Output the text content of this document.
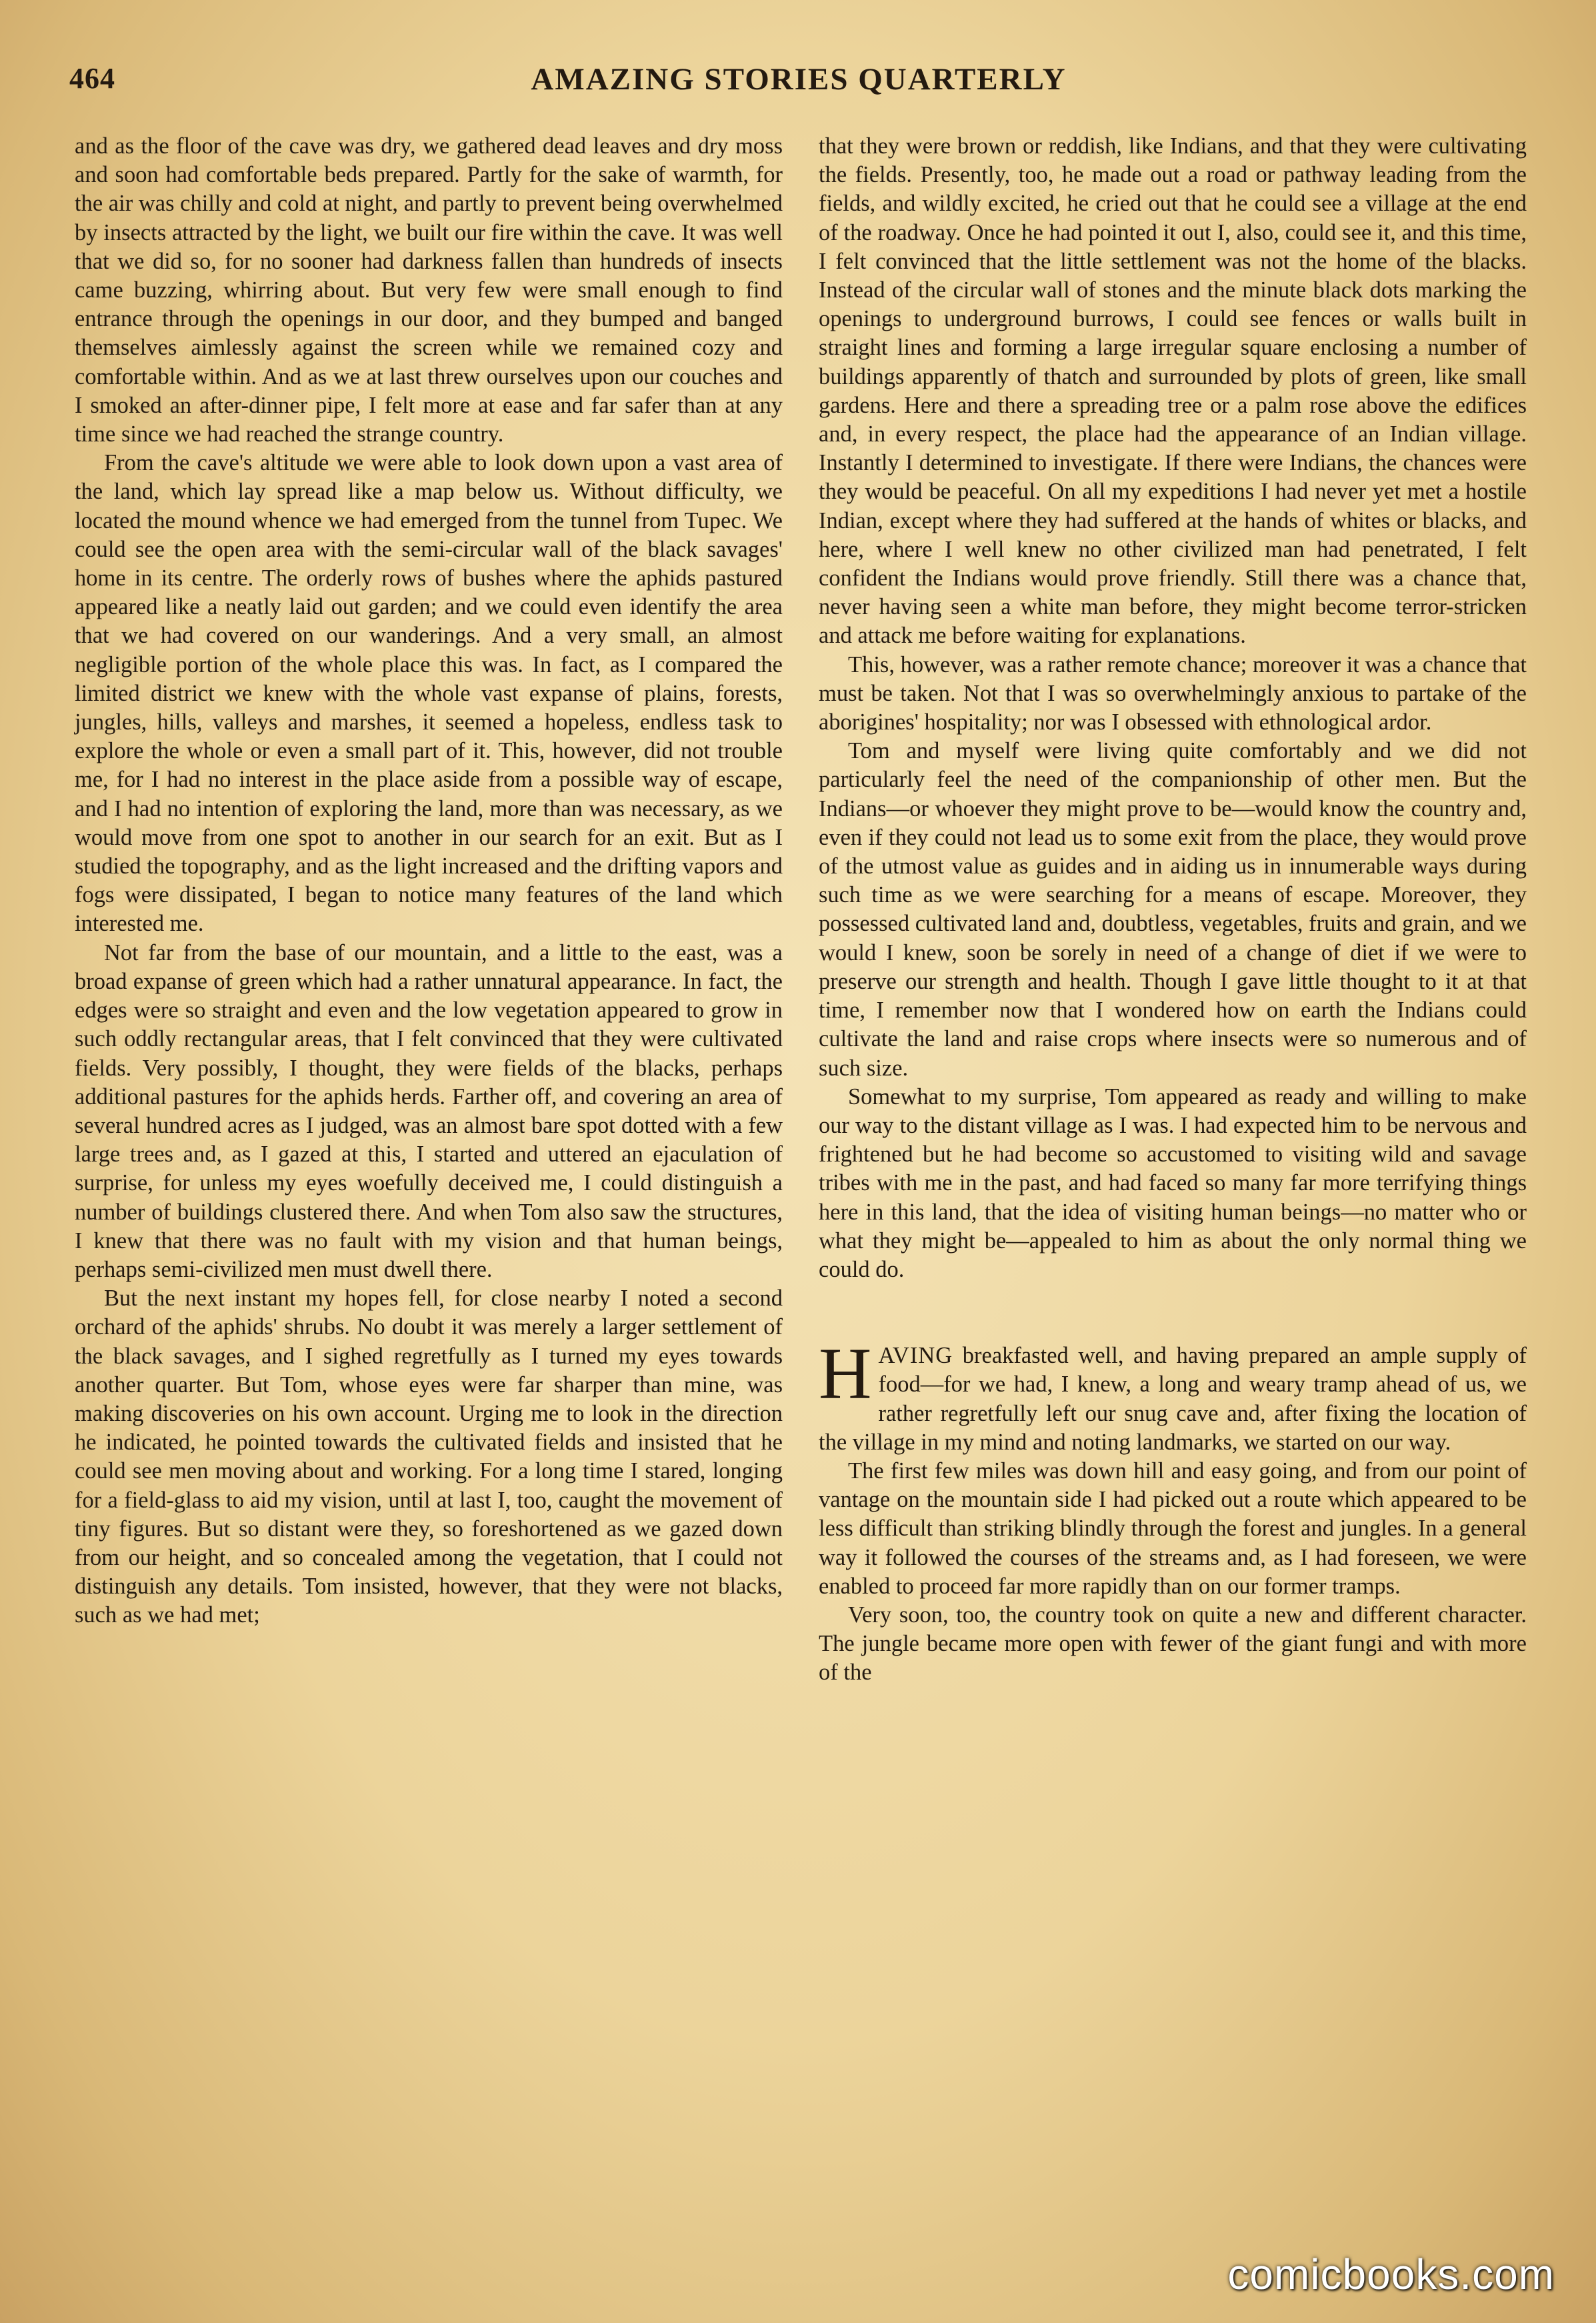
464	AMAZING STORIES QUARTERLY

and as the floor of the cave was dry, we gathered dead leaves and dry moss and soon had comfortable beds prepared. Partly for the sake of warmth, for the air was chilly and cold at night, and partly to prevent being overwhelmed by insects attracted by the light, we built our fire within the cave. It was well that we did so, for no sooner had darkness fallen than hundreds of insects came buzzing, whirring about. But very few were small enough to find entrance through the openings in our door, and they bumped and banged themselves aimlessly against the screen while we remained cozy and comfortable within. And as we at last threw ourselves upon our couches and I smoked an after-dinner pipe, I felt more at ease and far safer than at any time since we had reached the strange country.

From the cave's altitude we were able to look down upon a vast area of the land, which lay spread like a map below us. Without difficulty, we located the mound whence we had emerged from the tunnel from Tupec. We could see the open area with the semi-circular wall of the black savages' home in its centre. The orderly rows of bushes where the aphids pastured appeared like a neatly laid out garden; and we could even identify the area that we had covered on our wanderings. And a very small, an almost negligible portion of the whole place this was. In fact, as I compared the limited district we knew with the whole vast expanse of plains, forests, jungles, hills, valleys and marshes, it seemed a hopeless, endless task to explore the whole or even a small part of it. This, however, did not trouble me, for I had no interest in the place aside from a possible way of escape, and I had no intention of exploring the land, more than was necessary, as we would move from one spot to another in our search for an exit. But as I studied the topography, and as the light increased and the drifting vapors and fogs were dissipated, I began to notice many features of the land which interested me.

Not far from the base of our mountain, and a little to the east, was a broad expanse of green which had a rather unnatural appearance. In fact, the edges were so straight and even and the low vegetation appeared to grow in such oddly rectangular areas, that I felt convinced that they were cultivated fields. Very possibly, I thought, they were fields of the blacks, perhaps additional pastures for the aphids herds. Farther off, and covering an area of several hundred acres as I judged, was an almost bare spot dotted with a few large trees and, as I gazed at this, I started and uttered an ejaculation of surprise, for unless my eyes woefully deceived me, I could distinguish a number of buildings clustered there. And when Tom also saw the structures, I knew that there was no fault with my vision and that human beings, perhaps semi-civilized men must dwell there.

But the next instant my hopes fell, for close nearby I noted a second orchard of the aphids' shrubs. No doubt it was merely a larger settlement of the black savages, and I sighed regretfully as I turned my eyes towards another quarter. But Tom, whose eyes were far sharper than mine, was making discoveries on his own account. Urging me to look in the direction he indicated, he pointed towards the cultivated fields and insisted that he could see men moving about and working. For a long time I stared, longing for a field-glass to aid my vision, until at last I, too, caught the movement of tiny figures. But so distant were they, so foreshortened as we gazed down from our height, and so concealed among the vegetation, that I could not distinguish any details. Tom insisted, however, that they were not blacks, such as we had met;

that they were brown or reddish, like Indians, and that they were cultivating the fields. Presently, too, he made out a road or pathway leading from the fields, and wildly excited, he cried out that he could see a village at the end of the roadway. Once he had pointed it out I, also, could see it, and this time, I felt convinced that the little settlement was not the home of the blacks. Instead of the circular wall of stones and the minute black dots marking the openings to underground burrows, I could see fences or walls built in straight lines and forming a large irregular square enclosing a number of buildings apparently of thatch and surrounded by plots of green, like small gardens. Here and there a spreading tree or a palm rose above the edifices and, in every respect, the place had the appearance of an Indian village. Instantly I determined to investigate. If there were Indians, the chances were they would be peaceful. On all my expeditions I had never yet met a hostile Indian, except where they had suffered at the hands of whites or blacks, and here, where I well knew no other civilized man had penetrated, I felt confident the Indians would prove friendly. Still there was a chance that, never having seen a white man before, they might become terror-stricken and attack me before waiting for explanations.

This, however, was a rather remote chance; moreover it was a chance that must be taken. Not that I was so overwhelmingly anxious to partake of the aborigines' hospitality; nor was I obsessed with ethnological ardor.

Tom and myself were living quite comfortably and we did not particularly feel the need of the companionship of other men. But the Indians—or whoever they might prove to be—would know the country and, even if they could not lead us to some exit from the place, they would prove of the utmost value as guides and in aiding us in innumerable ways during such time as we were searching for a means of escape. Moreover, they possessed cultivated land and, doubtless, vegetables, fruits and grain, and we would I knew, soon be sorely in need of a change of diet if we were to preserve our strength and health. Though I gave little thought to it at that time, I remember now that I wondered how on earth the Indians could cultivate the land and raise crops where insects were so numerous and of such size.

Somewhat to my surprise, Tom appeared as ready and willing to make our way to the distant village as I was. I had expected him to be nervous and frightened but he had become so accustomed to visiting wild and savage tribes with me in the past, and had faced so many far more terrifying things here in this land, that the idea of visiting human beings—no matter who or what they might be—appealed to him as about the only normal thing we could do.

HAVING breakfasted well, and having prepared an ample supply of food—for we had, I knew, a long and weary tramp ahead of us, we rather regretfully left our snug cave and, after fixing the location of the village in my mind and noting landmarks, we started on our way.

The first few miles was down hill and easy going, and from our point of vantage on the mountain side I had picked out a route which appeared to be less difficult than striking blindly through the forest and jungles. In a general way it followed the courses of the streams and, as I had foreseen, we were enabled to proceed far more rapidly than on our former tramps.

Very soon, too, the country took on quite a new and different character. The jungle became more open with fewer of the giant fungi and with more of the

comicbooks.com
